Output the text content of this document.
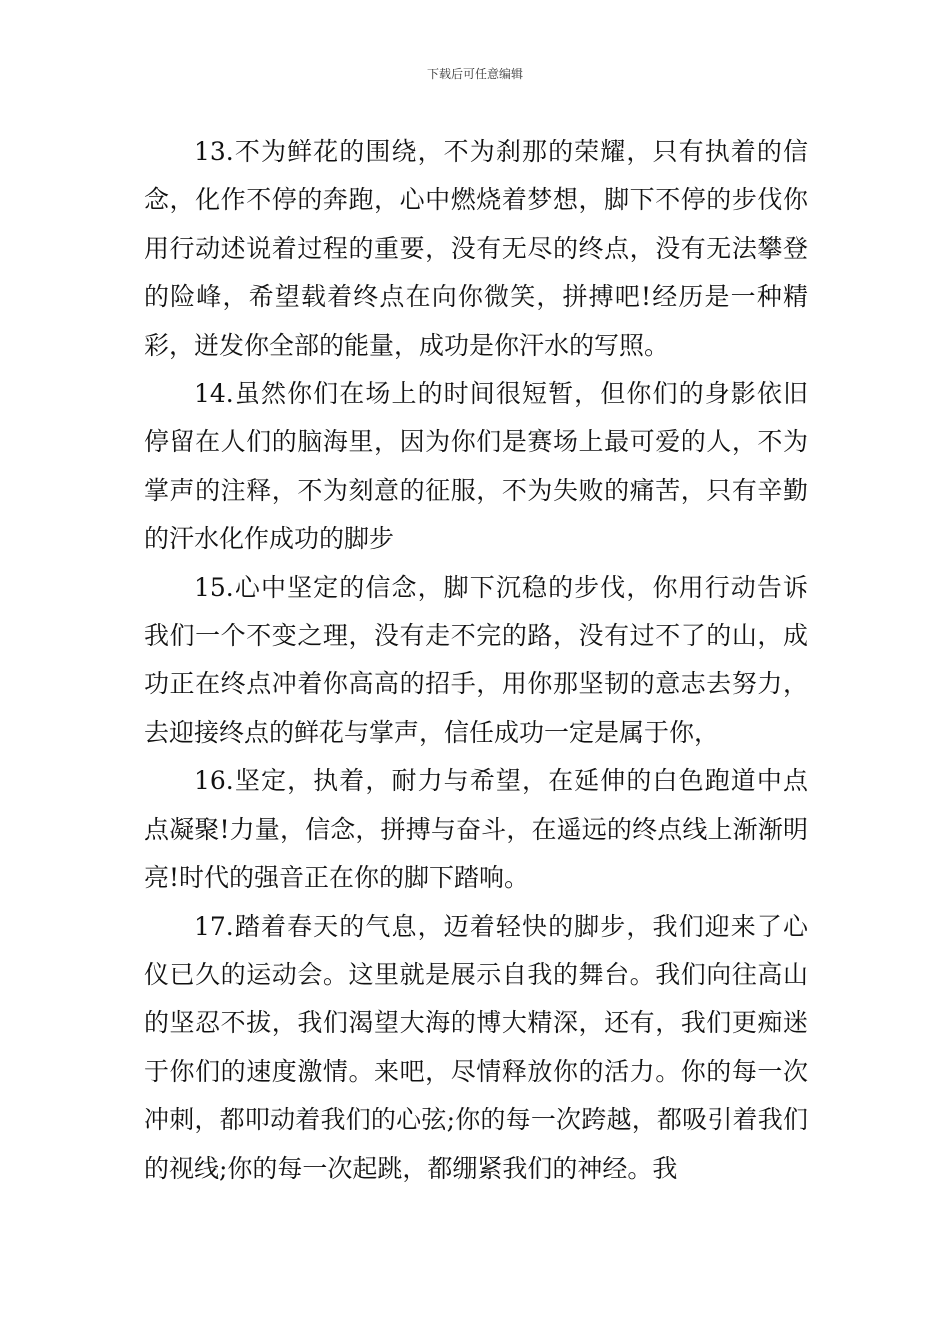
下载后可任意编辑

13.不为鲜花的围绕，不为刹那的荣耀，只有执着的信念，化作不停的奔跑，心中燃烧着梦想，脚下不停的步伐你用行动述说着过程的重要，没有无尽的终点，没有无法攀登的险峰，希望载着终点在向你微笑，拼搏吧!经历是一种精彩，迸发你全部的能量，成功是你汗水的写照。

14.虽然你们在场上的时间很短暂，但你们的身影依旧停留在人们的脑海里，因为你们是赛场上最可爱的人，不为掌声的注释，不为刻意的征服，不为失败的痛苦，只有辛勤的汗水化作成功的脚步

15.心中坚定的信念，脚下沉稳的步伐，你用行动告诉我们一个不变之理，没有走不完的路，没有过不了的山，成功正在终点冲着你高高的招手，用你那坚韧的意志去努力，去迎接终点的鲜花与掌声，信任成功一定是属于你，

16.坚定，执着，耐力与希望，在延伸的白色跑道中点点凝聚!力量，信念，拼搏与奋斗，在遥远的终点线上渐渐明亮!时代的强音正在你的脚下踏响。

17.踏着春天的气息，迈着轻快的脚步，我们迎来了心仪已久的运动会。这里就是展示自我的舞台。我们向往高山的坚忍不拔，我们渴望大海的博大精深，还有，我们更痴迷于你们的速度激情。来吧，尽情释放你的活力。你的每一次冲刺，都叩动着我们的心弦;你的每一次跨越，都吸引着我们的视线;你的每一次起跳，都绷紧我们的神经。我
